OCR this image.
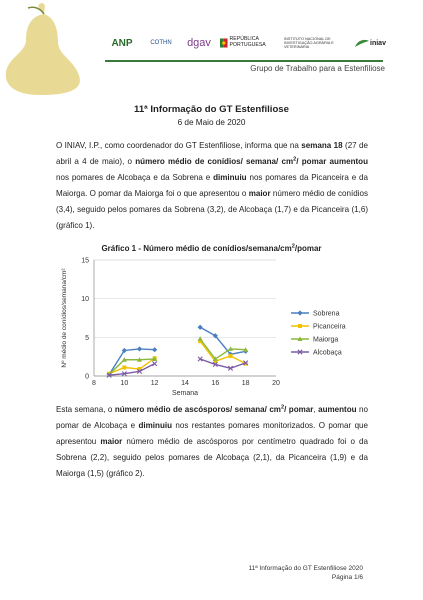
ANP	COTHN dgav	REPÚBLICA PORTUGUESA
INSTITUTO NACIONAL DE INVESTIGAÇÃO AGRÁRIA E VETERINÁRIA
iniav
Grupo de Trabalho para a Estenfiliose
11ª Informação do GT Estenfiliose
6 de Maio de 2020
O INIAV, I.P., como coordenador do GT Estenfiliose, informa que na semana 18 (27 de abril a 4 de maio), o número médio de conídios/ semana/ $cm^2/$ pomar aumentou nos pomares de Alcobaça e da Sobrena e diminuiu nos pomares da Picanceira e da Maiorga. O pomar da Maiorga foi o que apresentou o maior número médio de conídios (3,4), seguido pelos pomares da Sobrena (3,2), de Alcobaça (1,7) e da Picanceira (1,6) (gráfico 1).
Gráfico 1 - Número médio de conídios/$semana/cm^2$/pomar
0
5
10
15
8	10	12	14	16	18	20
Semana
Nº médio de conídios/semana/cm²	Sobrena
Picanceira
Maiorga
Alcobaça
Esta semana, o número médio de ascósporos/ semana/ $cm^2/$ pomar, aumentou no pomar de Alcobaça e diminuiu nos restantes pomares monitorizados. O pomar que apresentou maior número médio de ascósporos por centímetro quadrado foi o da Sobrena (2,2), seguido pelos pomares de Alcobaça (2,1), da Picanceira (1,9) e da Maiorga (1,5) (gráfico 2).
11ª Informação do GT Estenfiliose 2020
Página 1/6
